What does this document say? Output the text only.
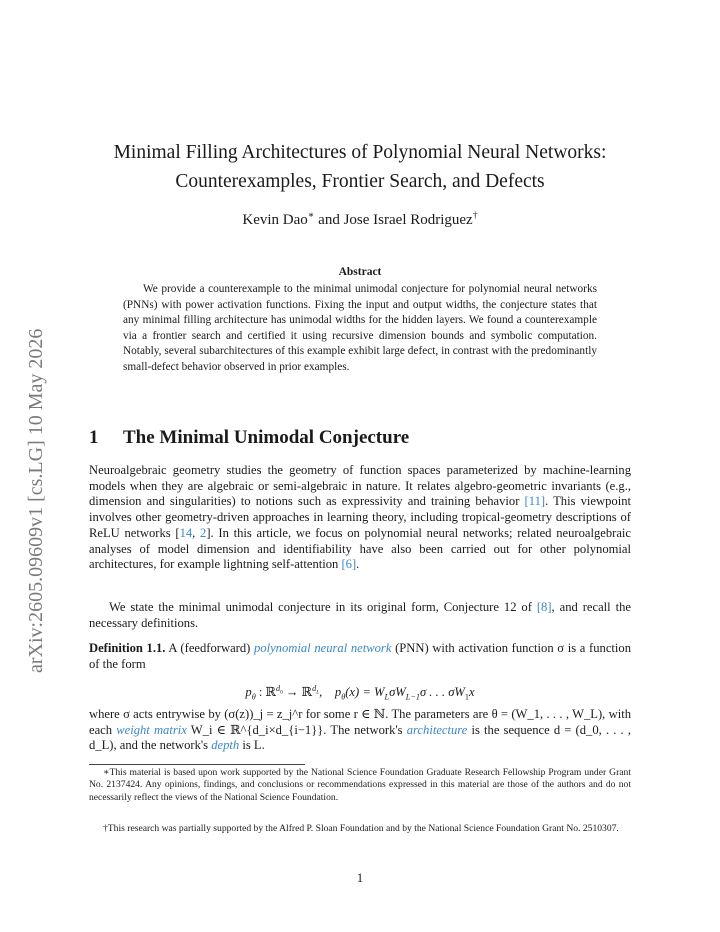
arXiv:2605.09609v1 [cs.LG] 10 May 2026
Minimal Filling Architectures of Polynomial Neural Networks:
Counterexamples, Frontier Search, and Defects
Kevin Dao∗ and Jose Israel Rodriguez†
Abstract

We provide a counterexample to the minimal unimodal conjecture for polynomial neural networks (PNNs) with power activation functions. Fixing the input and output widths, the conjecture states that any minimal filling architecture has unimodal widths for the hidden layers. We found a counterexample via a frontier search and certified it using recursive dimension bounds and symbolic computation. Notably, several subarchitectures of this example exhibit large defect, in contrast with the predominantly small-defect behavior observed in prior examples.

1 The Minimal Unimodal Conjecture

Neuroalgebraic geometry studies the geometry of function spaces parameterized by machine-learning models when they are algebraic or semi-algebraic in nature. It relates algebro-geometric invariants (e.g., dimension and singularities) to notions such as expressivity and training behavior [11]. This viewpoint involves other geometry-driven approaches in learning theory, including tropical-geometry descriptions of ReLU networks [14, 2]. In this article, we focus on polynomial neural networks; related neuroalgebraic analyses of model dimension and identifiability have also been carried out for other polynomial architectures, for example lightning self-attention [6].

We state the minimal unimodal conjecture in its original form, Conjecture 12 of [8], and recall the necessary definitions.

Definition 1.1. A (feedforward) polynomial neural network (PNN) with activation function σ is a function of the form

$p_\theta$ : ℝ$^{d_0}$ → ℝ$^{d_L}$, $p_\theta(x) = W_L\sigma W_{L-1}\sigma$ . . . $\sigma W_1x$

where σ acts entrywise by (σ(z))_j = z_j^r for some r ∈ ℕ. The parameters are θ = (W_1, . . . , W_L), with each weight matrix W_i ∈ ℝ^{d_i×d_{i−1}}. The network's architecture is the sequence d = (d_0, . . . , d_L), and the network's depth is L.

∗This material is based upon work supported by the National Science Foundation Graduate Research Fellowship Program under Grant No. 2137424. Any opinions, findings, and conclusions or recommendations expressed in this material are those of the authors and do not necessarily reflect the views of the National Science Foundation.

†This research was partially supported by the Alfred P. Sloan Foundation and by the National Science Foundation Grant No. 2510307.

1
